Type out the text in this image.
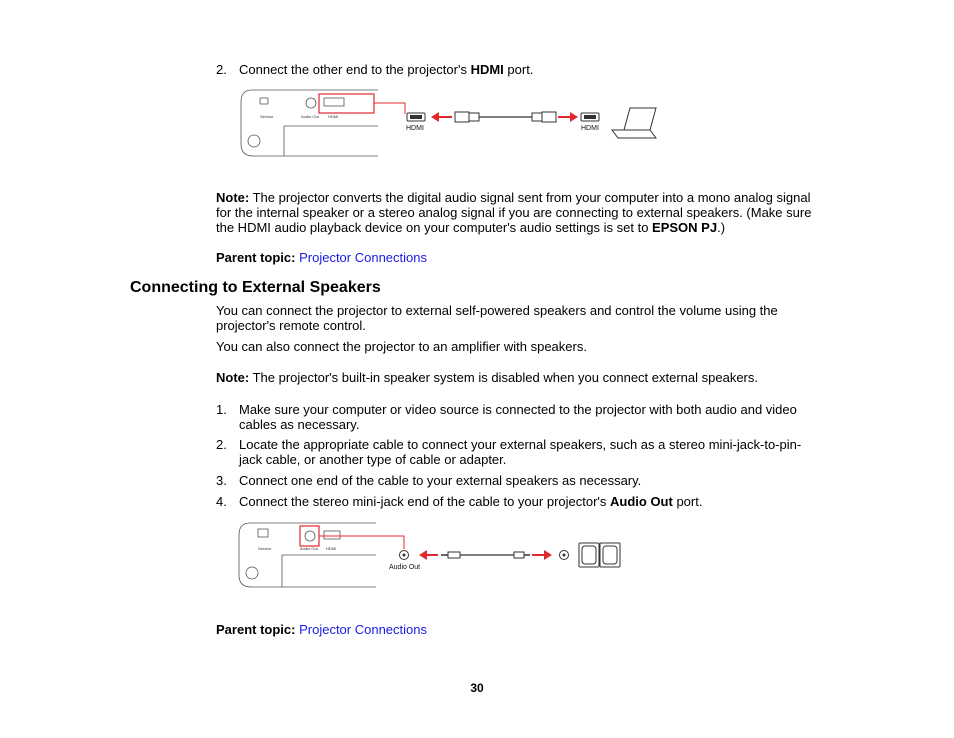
2. Connect the other end to the projector's HDMI port.
Service	Audio Out HDMI
HDMI	HDMI
Note: The projector converts the digital audio signal sent from your computer into a mono analog signal for the internal speaker or a stereo analog signal if you are connecting to external speakers. (Make sure the HDMI audio playback device on your computer's audio settings is set to EPSON PJ.)
Parent topic: Projector Connections
Connecting to External Speakers
You can connect the projector to external self-powered speakers and control the volume using the projector's remote control.
You can also connect the projector to an amplifier with speakers.
Note: The projector's built-in speaker system is disabled when you connect external speakers.
1. Make sure your computer or video source is connected to the projector with both audio and video cables as necessary.
2. Locate the appropriate cable to connect your external speakers, such as a stereo mini-jack-to-pin-jack cable, or another type of cable or adapter.
3. Connect one end of the cable to your external speakers as necessary.
4. Connect the stereo mini-jack end of the cable to your projector's Audio Out port.
Service	Audio Out HDMI
Audio Out
Parent topic: Projector Connections
30
